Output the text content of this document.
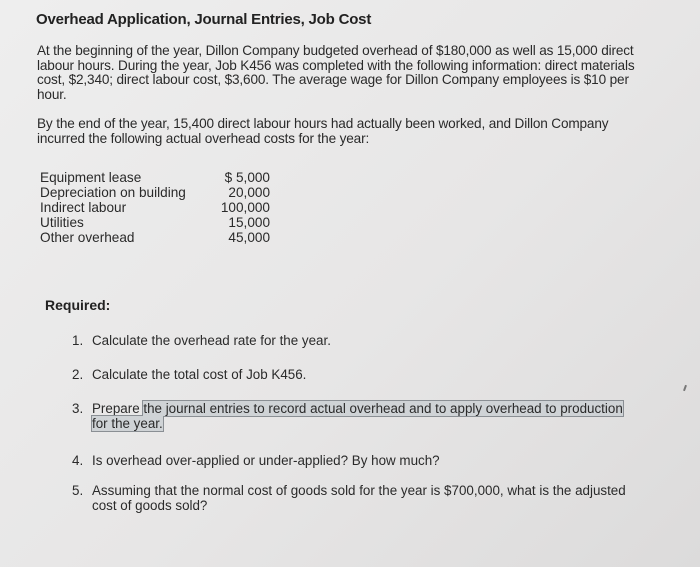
Overhead Application, Journal Entries, Job Cost
At the beginning of the year, Dillon Company budgeted overhead of $180,000 as well as 15,000 direct labour hours. During the year, Job K456 was completed with the following information: direct materials cost, $2,340; direct labour cost, $3,600. The average wage for Dillon Company employees is $10 per hour.
By the end of the year, 15,400 direct labour hours had actually been worked, and Dillon Company incurred the following actual overhead costs for the year:
Equipment lease	$ 5,000
Depreciation on building	20,000
Indirect labour	100,000
Utilities	15,000
Other overhead	45,000
Required:
1. Calculate the overhead rate for the year.
2. Calculate the total cost of Job K456.
3. Prepare the journal entries to record actual overhead and to apply overhead to production for the year.
4. Is overhead over-applied or under-applied? By how much?
5. Assuming that the normal cost of goods sold for the year is $700,000, what is the adjusted cost of goods sold?
